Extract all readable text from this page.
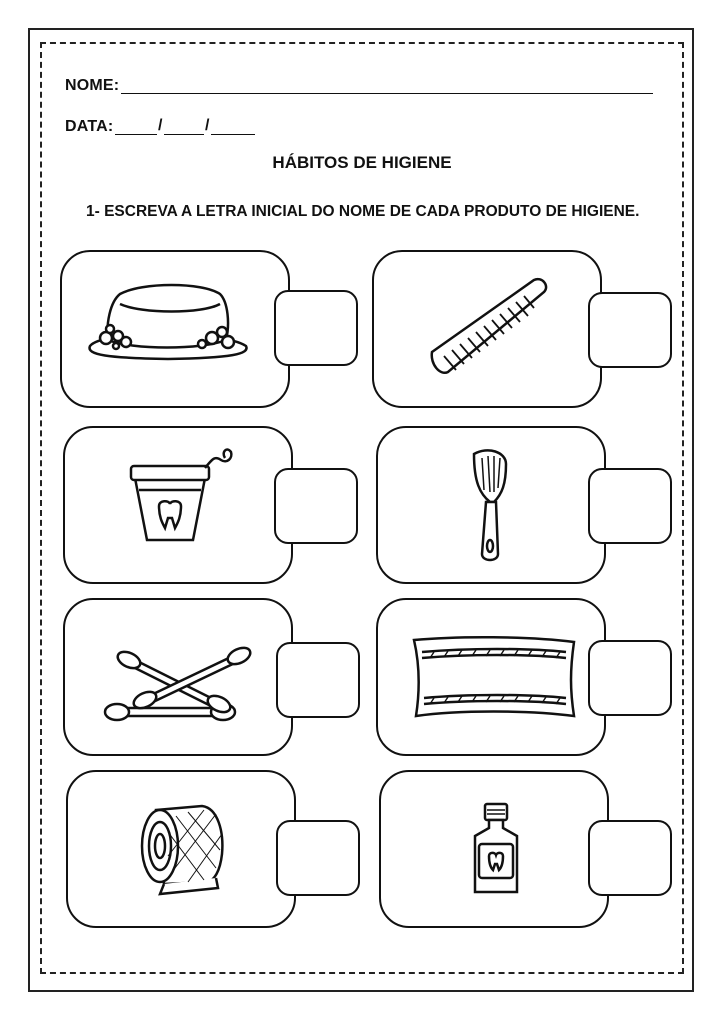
NOME:
DATA:	/	/
HÁBITOS DE HIGIENE
1- ESCREVA A LETRA INICIAL DO NOME DE CADA PRODUTO DE HIGIENE.
